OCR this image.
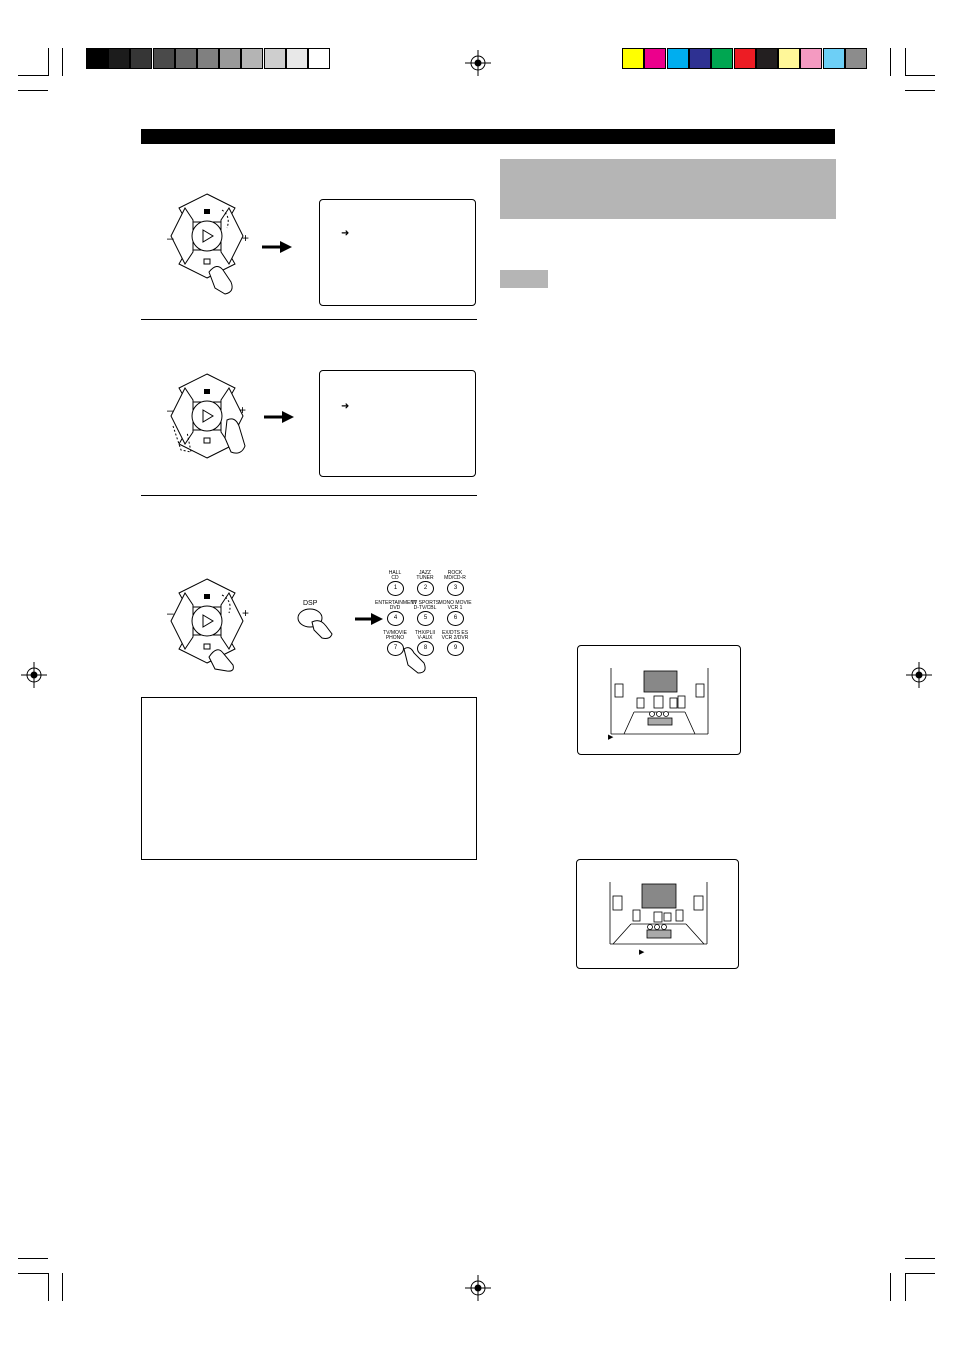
–	+	➜
–	+	➜
–	+
DSP
HALL
CD
1
JAZZ
TUNER
2
ROCK
MD/CD-R
3
ENTERTAINMENT
DVD
4
TV SPORTS
D-TV/CBL
5
MONO MOVIE
VCR 1
6
TV/MOVIE
PHONO
7
THX/PLII
V-AUX
8
EX/DTS ES
VCR 2/DVR
9
▶
▶
